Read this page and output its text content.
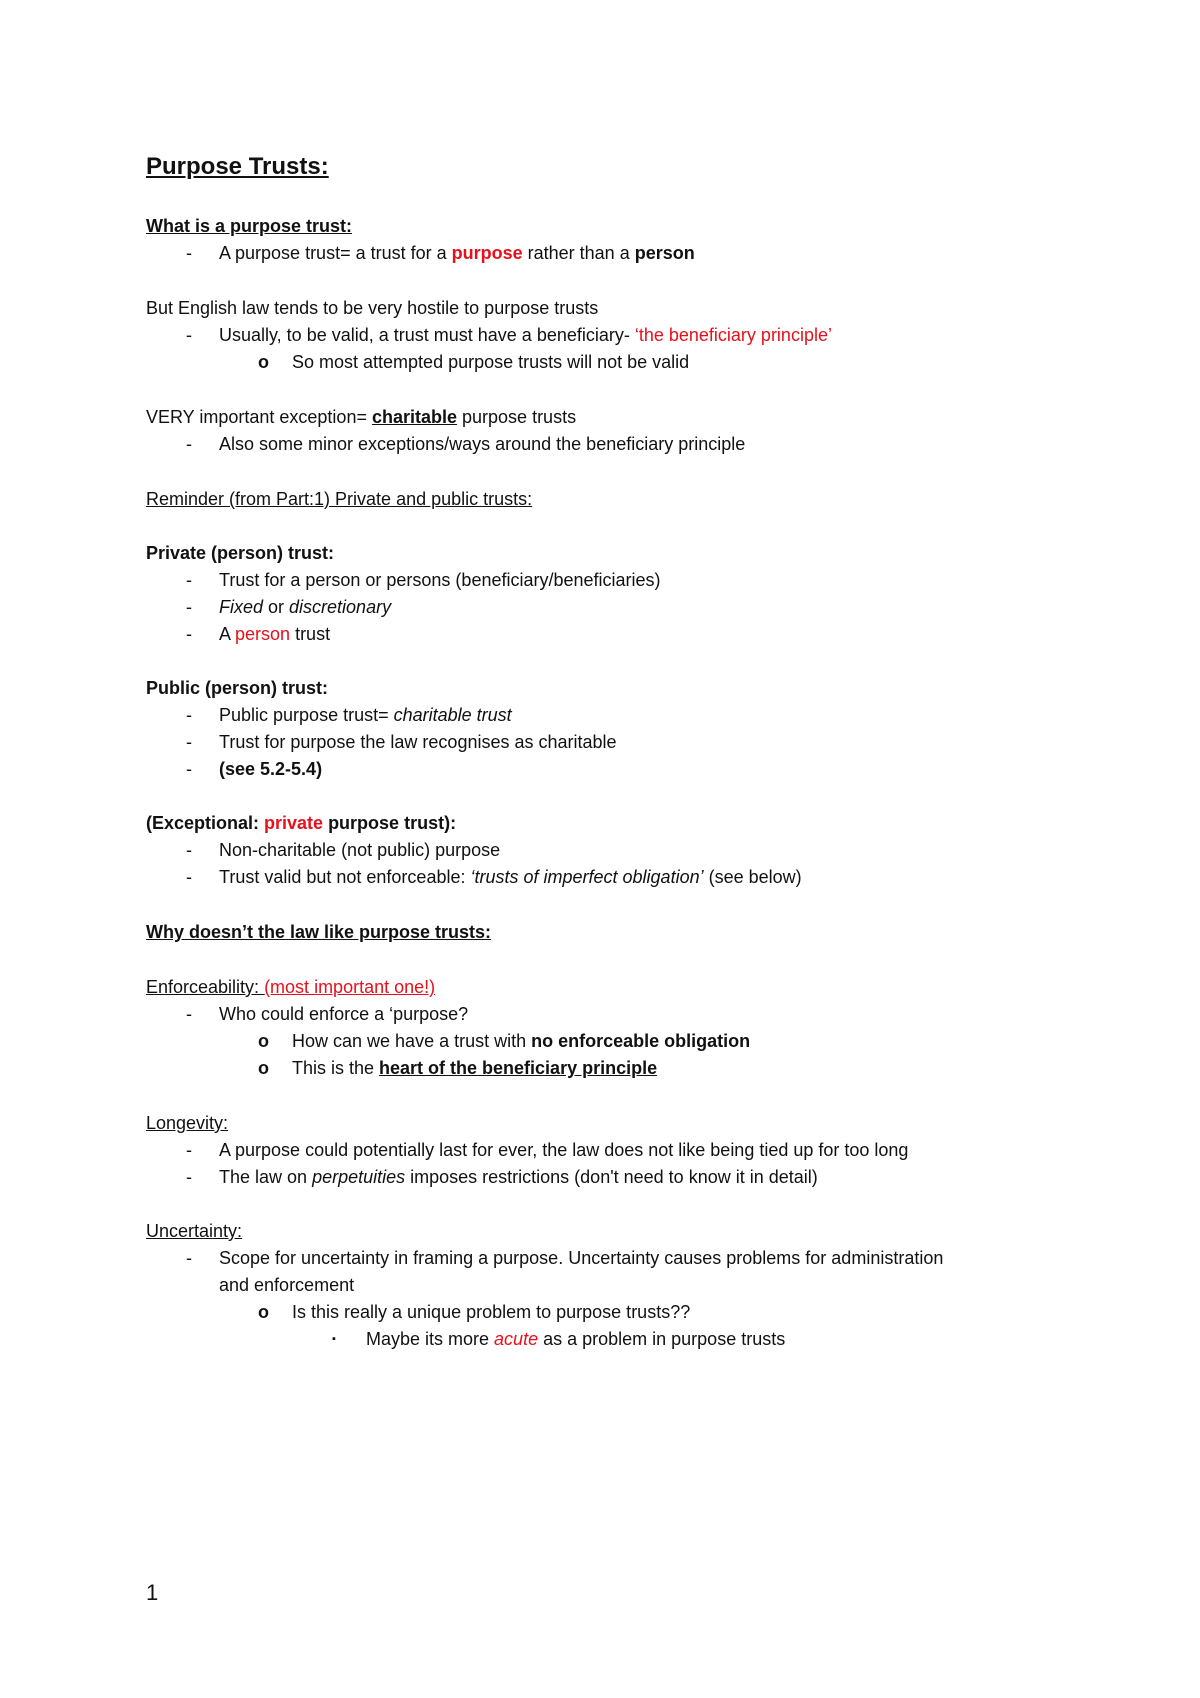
Purpose Trusts:
What is a purpose trust:
- A purpose trust= a trust for a purpose rather than a person
But English law tends to be very hostile to purpose trusts
- Usually, to be valid, a trust must have a beneficiary- ‘the beneficiary principle’
o So most attempted purpose trusts will not be valid
VERY important exception= charitable purpose trusts
- Also some minor exceptions/ways around the beneficiary principle
Reminder (from Part:1) Private and public trusts:
Private (person) trust:
- Trust for a person or persons (beneficiary/beneficiaries)
- Fixed or discretionary
- A person trust
Public (person) trust:
- Public purpose trust= charitable trust
- Trust for purpose the law recognises as charitable
- (see 5.2-5.4)
(Exceptional: private purpose trust):
- Non-charitable (not public) purpose
- Trust valid but not enforceable: ‘trusts of imperfect obligation’ (see below)
Why doesn’t the law like purpose trusts:
Enforceability: (most important one!)
- Who could enforce a ‘purpose?
o How can we have a trust with no enforceable obligation
o This is the heart of the beneficiary principle
Longevity:
- A purpose could potentially last for ever, the law does not like being tied up for too long
- The law on perpetuities imposes restrictions (don't need to know it in detail)
Uncertainty:
- Scope for uncertainty in framing a purpose. Uncertainty causes problems for administration
and enforcement
o Is this really a unique problem to purpose trusts??
▪ Maybe its more acute as a problem in purpose trusts
1
